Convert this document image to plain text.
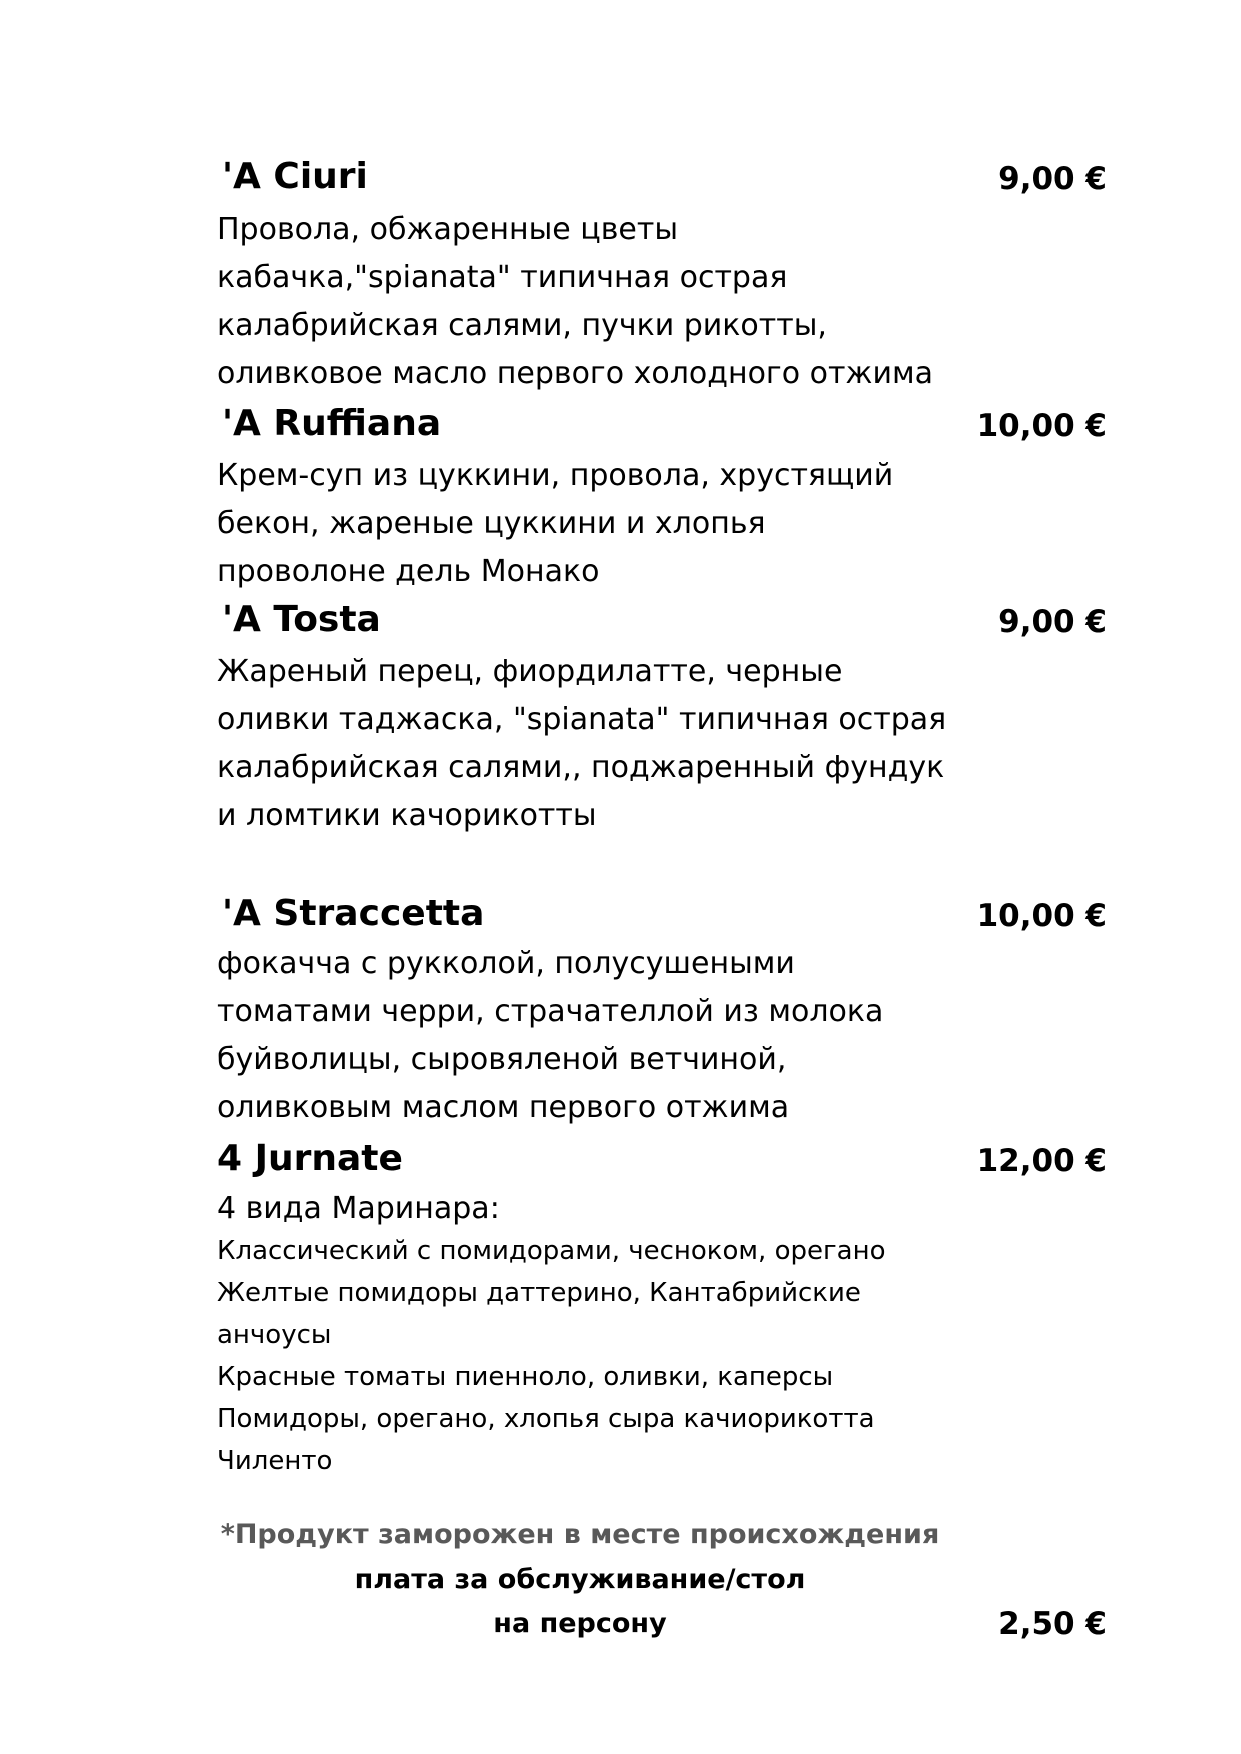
'A Ciuri	9,00 €
Провола, обжаренные цветы
кабачка,"spianata" типичная острая
калабрийская салями, пучки рикотты,
оливковое масло первого холодного отжима
'A Ruffiana	10,00 €
Крем-суп из цуккини, провола, хрустящий
бекон, жареные цуккини и хлопья
проволоне дель Монако
'A Tosta	9,00 €
Жареный перец, фиордилатте, черные
оливки таджаска, "spianata" типичная острая
калабрийская салями,, поджаренный фундук
и ломтики качорикотты
'A Straccetta	10,00 €
фокачча с рукколой, полусушеными
томатами черри, страчателлой из молока
буйволицы, сыровяленой ветчиной,
оливковым маслом первого отжима
4 Jurnate	12,00 €
4 вида Маринара:
Классический с помидорами, чесноком, орегано
Желтые помидоры даттерино, Кантабрийские
анчоусы
Красные томаты пиенноло, оливки, каперсы
Помидоры, орегано, хлопья сыра качиорикотта
Чиленто
*Продукт заморожен в месте происхождения
плата за обслуживание/стол
на персону	2,50 €
